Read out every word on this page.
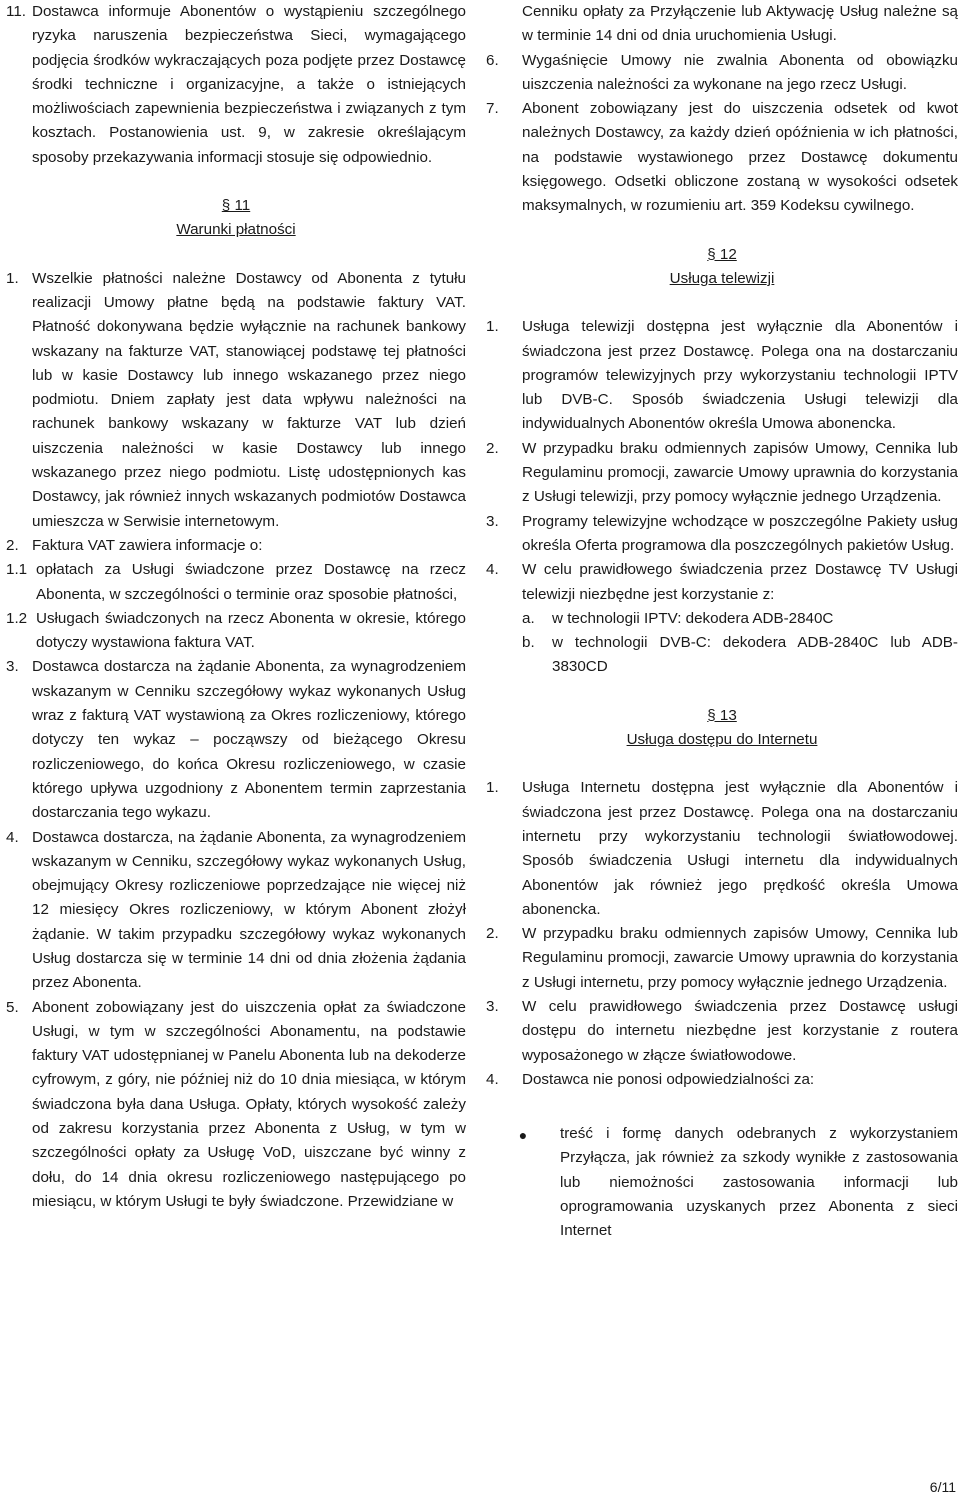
11. Dostawca informuje Abonentów o wystąpieniu szczególnego ryzyka naruszenia bezpieczeństwa Sieci, wymagającego podjęcia środków wykraczających poza podjęte przez Dostawcę środki techniczne i organizacyjne, a także o istniejących możliwościach zapewnienia bezpieczeństwa i związanych z tym kosztach. Postanowienia ust. 9, w zakresie określającym sposoby przekazywania informacji stosuje się odpowiednio.

§ 11
Warunki płatności
1. Wszelkie płatności należne Dostawcy od Abonenta z tytułu realizacji Umowy płatne będą na podstawie faktury VAT. Płatność dokonywana będzie wyłącznie na rachunek bankowy wskazany na fakturze VAT, stanowiącej podstawę tej płatności lub w kasie Dostawcy lub innego wskazanego przez niego podmiotu. Dniem zapłaty jest data wpływu należności na rachunek bankowy wskazany w fakturze VAT lub dzień uiszczenia należności w kasie Dostawcy lub innego wskazanego przez niego podmiotu. Listę udostępnionych kas Dostawcy, jak również innych wskazanych podmiotów Dostawca umieszcza w Serwisie internetowym.

2. Faktura VAT zawiera informacje o:

1.1 opłatach za Usługi świadczone przez Dostawcę na rzecz Abonenta, w szczególności o terminie oraz sposobie płatności,

1.2 Usługach świadczonych na rzecz Abonenta w okresie, którego dotyczy wystawiona faktura VAT.

3. Dostawca dostarcza na żądanie Abonenta, za wynagrodzeniem wskazanym w Cenniku szczegółowy wykaz wykonanych Usług wraz z fakturą VAT wystawioną za Okres rozliczeniowy, którego dotyczy ten wykaz – począwszy od bieżącego Okresu rozliczeniowego, do końca Okresu rozliczeniowego, w czasie którego upływa uzgodniony z Abonentem termin zaprzestania dostarczania tego wykazu.

4. Dostawca dostarcza, na żądanie Abonenta, za wynagrodzeniem wskazanym w Cenniku, szczegółowy wykaz wykonanych Usług, obejmujący Okresy rozliczeniowe poprzedzające nie więcej niż 12 miesięcy Okres rozliczeniowy, w którym Abonent złożył żądanie. W takim przypadku szczegółowy wykaz wykonanych Usług dostarcza się w terminie 14 dni od dnia złożenia żądania przez Abonenta.

5. Abonent zobowiązany jest do uiszczenia opłat za świadczone Usługi, w tym w szczególności Abonamentu, na podstawie faktury VAT udostępnianej w Panelu Abonenta lub na dekoderze cyfrowym, z góry, nie później niż do 10 dnia miesiąca, w którym świadczona była dana Usługa. Opłaty, których wysokość zależy od zakresu korzystania przez Abonenta z Usług, w tym w szczególności opłaty za Usługę VoD, uiszczane być winny z dołu, do 14 dnia okresu rozliczeniowego następującego po miesiącu, w którym Usługi te były świadczone. Przewidziane w

Cenniku opłaty za Przyłączenie lub Aktywację Usług należne są w terminie 14 dni od dnia uruchomienia Usługi.

6.	Wygaśnięcie Umowy nie zwalnia Abonenta od obowiązku uiszczenia należności za wykonane na jego rzecz Usługi.

7.	Abonent zobowiązany jest do uiszczenia odsetek od kwot należnych Dostawcy, za każdy dzień opóźnienia w ich płatności, na podstawie wystawionego przez Dostawcę dokumentu księgowego. Odsetki obliczone zostaną w wysokości odsetek maksymalnych, w rozumieniu art. 359 Kodeksu cywilnego.

§ 12
Usługa telewizji
1.	Usługa telewizji dostępna jest wyłącznie dla Abonentów i świadczona jest przez Dostawcę. Polega ona na dostarczaniu programów telewizyjnych przy wykorzystaniu technologii IPTV lub DVB-C. Sposób świadczenia Usługi telewizji dla indywidualnych Abonentów określa Umowa abonencka.

2.	W przypadku braku odmiennych zapisów Umowy, Cennika lub Regulaminu promocji, zawarcie Umowy uprawnia do korzystania z Usługi telewizji, przy pomocy wyłącznie jednego Urządzenia.

3.	Programy telewizyjne wchodzące w poszczególne Pakiety usług określa Oferta programowa dla poszczególnych pakietów Usług.

4.	W celu prawidłowego świadczenia przez Dostawcę TV Usługi telewizji niezbędne jest korzystanie z:

a.	w technologii IPTV: dekodera ADB-2840C

b.	w technologii DVB-C: dekodera ADB-2840C lub ADB-3830CD

§ 13
Usługa dostępu do Internetu
1.	Usługa Internetu dostępna jest wyłącznie dla Abonentów i świadczona jest przez Dostawcę. Polega ona na dostarczaniu internetu przy wykorzystaniu technologii światłowodowej. Sposób świadczenia Usługi internetu dla indywidualnych Abonentów jak również jego prędkość określa Umowa abonencka.

2.	W przypadku braku odmiennych zapisów Umowy, Cennika lub Regulaminu promocji, zawarcie Umowy uprawnia do korzystania z Usługi internetu, przy pomocy wyłącznie jednego Urządzenia.

3.	W celu prawidłowego świadczenia przez Dostawcę usługi dostępu do internetu niezbędne jest korzystanie z routera wyposażonego w złącze światłowodowe.

4.	Dostawca nie ponosi odpowiedzialności za:

●	treść i formę danych odebranych z wykorzystaniem Przyłącza, jak również za szkody wynikłe z zastosowania lub niemożności zastosowania informacji lub oprogramowania uzyskanych przez Abonenta z sieci Internet

6/11
